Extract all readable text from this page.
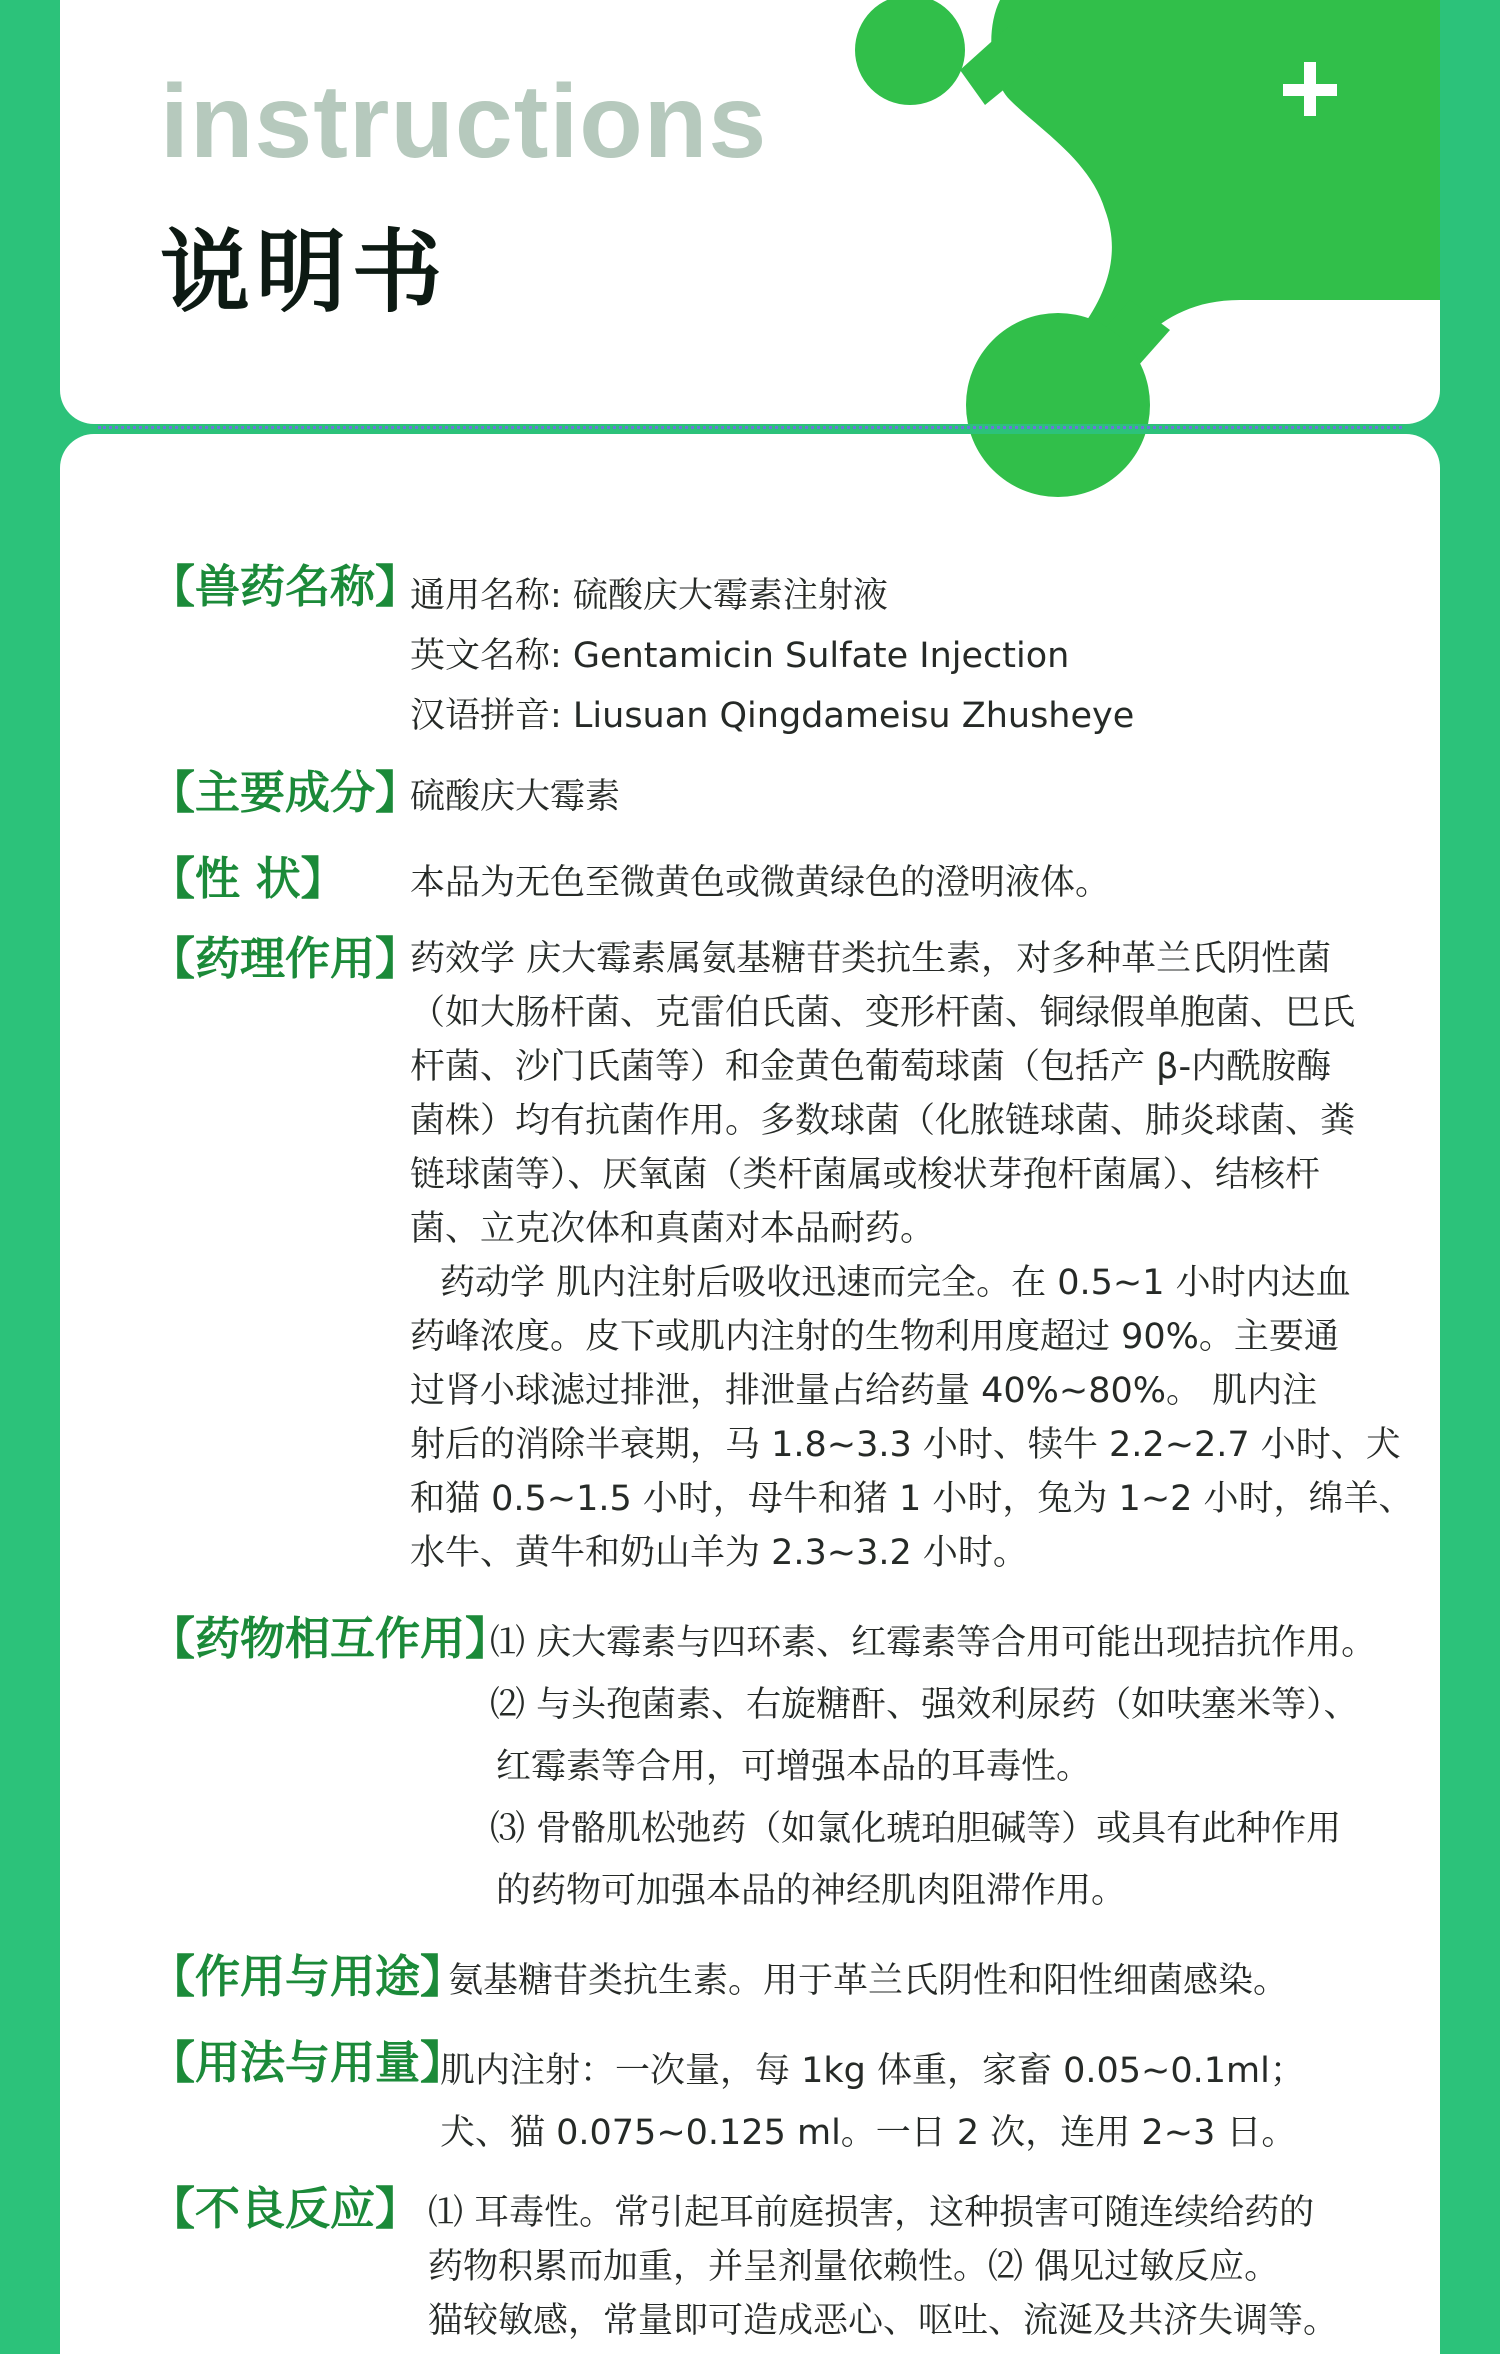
instructions
说明书
【兽药名称】

通用名称: 硫酸庆大霉素注射液

英文名称: Gentamicin Sulfate Injection

汉语拼音: Liusuan Qingdameisu Zhusheye

【主要成分】

硫酸庆大霉素

【性 状】 本品为无色至微黄色或微黄绿色的澄明液体。

【药理作用】

药效学 庆大霉素属氨基糖苷类抗生素，对多种革兰氏阴性菌

（如大肠杆菌、克雷伯氏菌、变形杆菌、铜绿假单胞菌、巴氏

杆菌、沙门氏菌等）和金黄色葡萄球菌（包括产 β-内酰胺酶

菌株）均有抗菌作用。多数球菌（化脓链球菌、肺炎球菌、粪

链球菌等）、厌氧菌（类杆菌属或梭状芽孢杆菌属）、结核杆

菌、立克次体和真菌对本品耐药。

药动学 肌内注射后吸收迅速而完全。在 0.5~1 小时内达血

药峰浓度。皮下或肌内注射的生物利用度超过 90%。主要通

过肾小球滤过排泄，排泄量占给药量 40%~80%。 肌内注

射后的消除半衰期，马 1.8~3.3 小时、犊牛 2.2~2.7 小时、犬

和猫 0.5~1.5 小时，母牛和猪 1 小时，兔为 1~2 小时，绵羊、

水牛、黄牛和奶山羊为 2.3~3.2 小时。

【药物相互作用】

⑴ 庆大霉素与四环素、红霉素等合用可能出现拮抗作用。

⑵ 与头孢菌素、右旋糖酐、强效利尿药（如呋塞米等）、

红霉素等合用，可增强本品的耳毒性。

⑶ 骨骼肌松弛药（如氯化琥珀胆碱等）或具有此种作用

的药物可加强本品的神经肌肉阻滞作用。

【作用与用途】

氨基糖苷类抗生素。用于革兰氏阴性和阳性细菌感染。

【用法与用量】

肌内注射：一次量，每 1kg 体重，家畜 0.05~0.1ml；

犬、猫 0.075~0.125 ml。一日 2 次，连用 2~3 日。

【不良反应】 ⑴ 耳毒性。常引起耳前庭损害，这种损害可随连续给药的

药物积累而加重，并呈剂量依赖性。⑵ 偶见过敏反应。

猫较敏感，常量即可造成恶心、呕吐、流涎及共济失调等。
